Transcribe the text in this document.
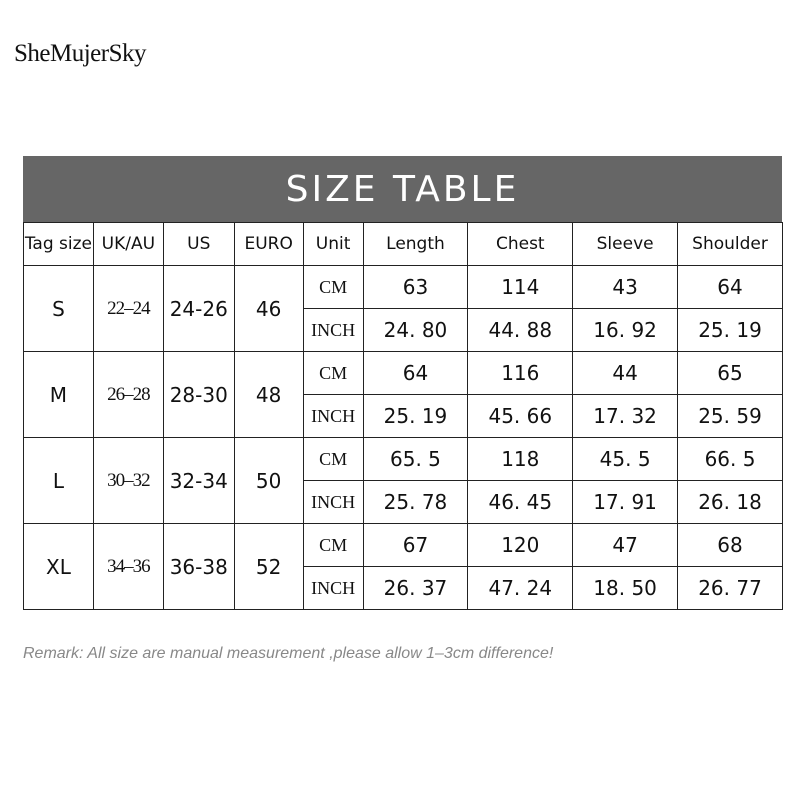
SheMujerSky
SIZE TABLE
Tag size	UK/AU	US	EURO	Unit	Length	Chest	Sleeve	Shoulder
S	22–24	24-26	46	CM	63	114	43	64
				INCH	24. 80	44. 88	16. 92	25. 19
M	26–28	28-30	48	CM	64	116	44	65
				INCH	25. 19	45. 66	17. 32	25. 59
L	30–32	32-34	50	CM	65. 5	118	45. 5	66. 5
				INCH	25. 78	46. 45	17. 91	26. 18
XL	34–36	36-38	52	CM	67	120	47	68
				INCH	26. 37	47. 24	18. 50	26. 77
Remark: All size are manual measurement ,please allow 1–3cm difference!
